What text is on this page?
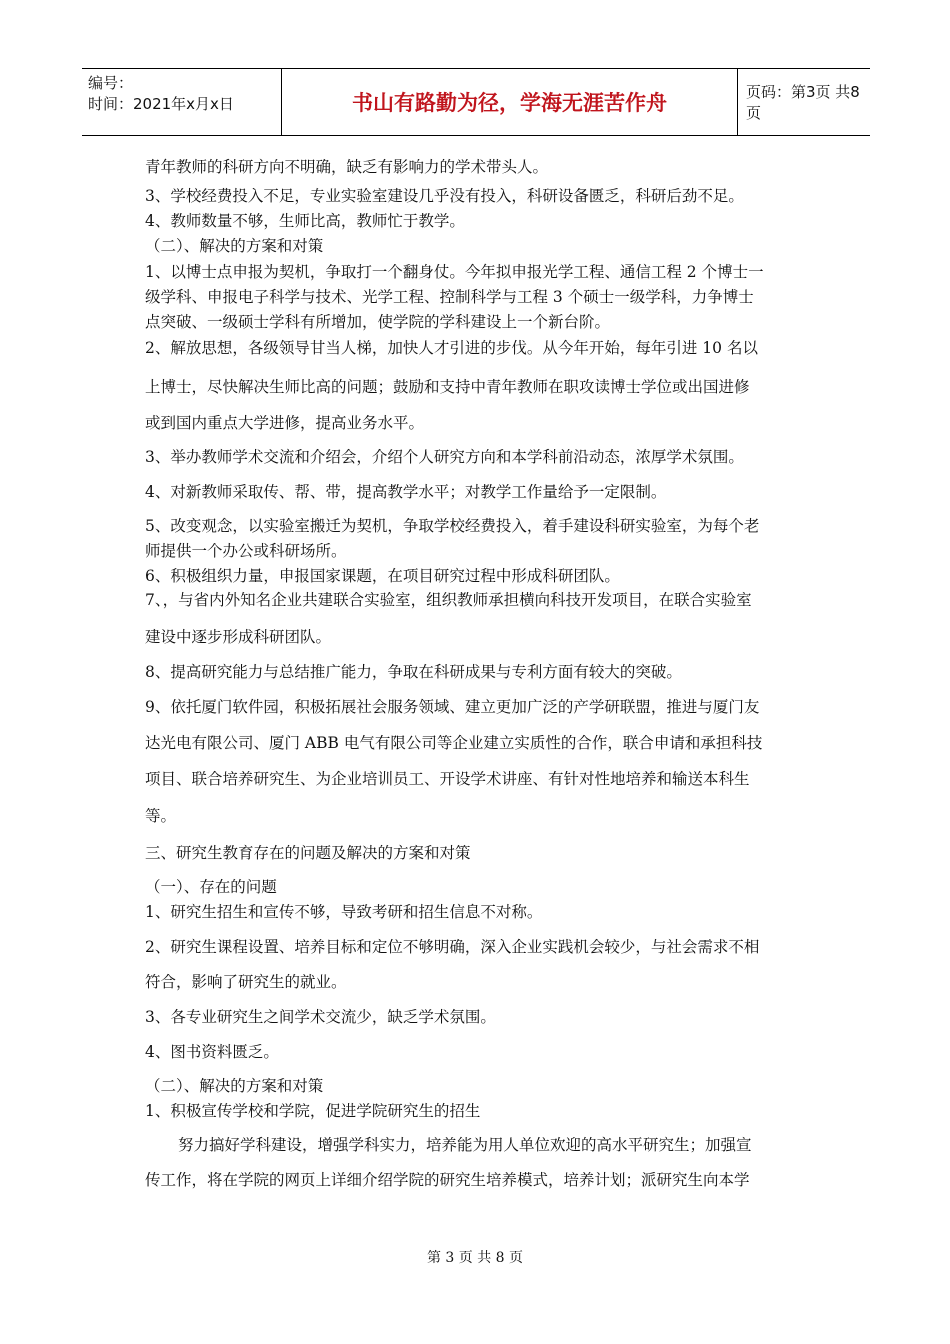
编号：
时间：2021年x月x日	书山有路勤为径，学海无涯苦作舟	页码：第3页 共8页
青年教师的科研方向不明确，缺乏有影响力的学术带头人。
3、学校经费投入不足，专业实验室建设几乎没有投入，科研设备匮乏，科研后劲不足。
4、教师数量不够，生师比高，教师忙于教学。
（二）、解决的方案和对策
1、以博士点申报为契机，争取打一个翻身仗。今年拟申报光学工程、通信工程 2 个博士一
级学科、申报电子科学与技术、光学工程、控制科学与工程 3 个硕士一级学科，力争博士
点突破、一级硕士学科有所增加，使学院的学科建设上一个新台阶。
2、解放思想，各级领导甘当人梯，加快人才引进的步伐。从今年开始，每年引进 10 名以
上博士，尽快解决生师比高的问题；鼓励和支持中青年教师在职攻读博士学位或出国进修
或到国内重点大学进修，提高业务水平。
3、举办教师学术交流和介绍会，介绍个人研究方向和本学科前沿动态，浓厚学术氛围。
4、对新教师采取传、帮、带，提高教学水平；对教学工作量给予一定限制。
5、改变观念，以实验室搬迁为契机，争取学校经费投入，着手建设科研实验室，为每个老
师提供一个办公或科研场所。
6、积极组织力量，申报国家课题，在项目研究过程中形成科研团队。
7、，与省内外知名企业共建联合实验室，组织教师承担横向科技开发项目，在联合实验室
建设中逐步形成科研团队。
8、提高研究能力与总结推广能力，争取在科研成果与专利方面有较大的突破。
9、依托厦门软件园，积极拓展社会服务领域、建立更加广泛的产学研联盟，推进与厦门友
达光电有限公司、厦门 ABB 电气有限公司等企业建立实质性的合作，联合申请和承担科技
项目、联合培养研究生、为企业培训员工、开设学术讲座、有针对性地培养和输送本科生
等。
三、研究生教育存在的问题及解决的方案和对策
（一）、存在的问题
1、研究生招生和宣传不够，导致考研和招生信息不对称。
2、研究生课程设置、培养目标和定位不够明确，深入企业实践机会较少，与社会需求不相
符合，影响了研究生的就业。
3、各专业研究生之间学术交流少，缺乏学术氛围。
4、图书资料匮乏。
（二）、解决的方案和对策
1、积极宣传学校和学院，促进学院研究生的招生
努力搞好学科建设，增强学科实力，培养能为用人单位欢迎的高水平研究生；加强宣
传工作，将在学院的网页上详细介绍学院的研究生培养模式，培养计划；派研究生向本学
第 3 页 共 8 页
